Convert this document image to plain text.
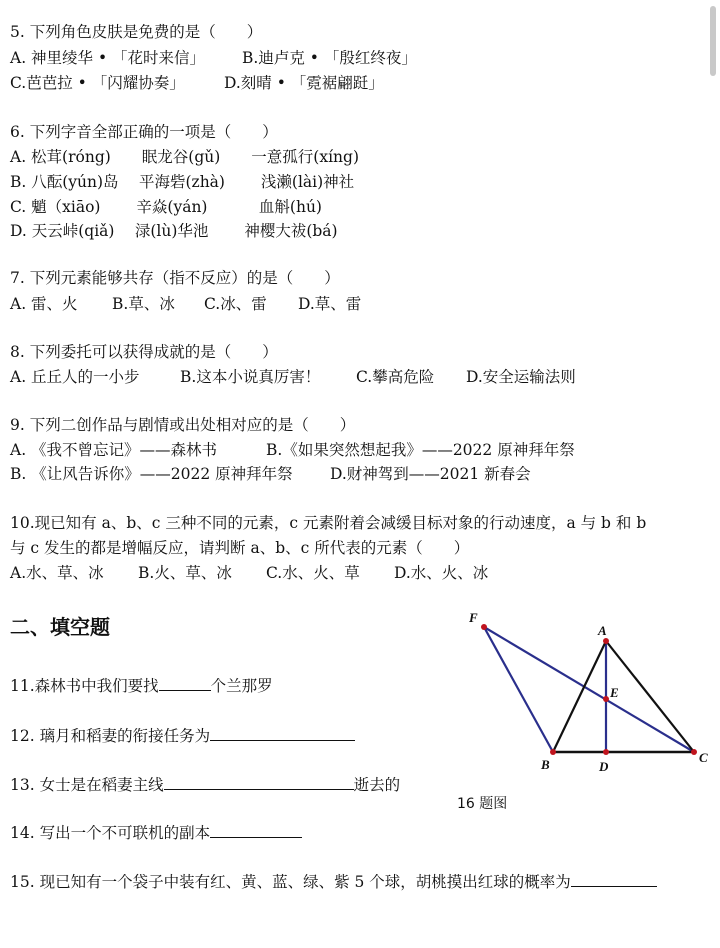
5. 下列角色皮肤是免费的是（　　）
A. 神里绫华 • 「花时来信」 B.迪卢克 • 「殷红终夜」
C.芭芭拉 • 「闪耀协奏」	D.刻晴 • 「霓裾翩跹」
6. 下列字音全部正确的一项是（　　）
A. 松茸(róng)　　眠龙谷(gǔ)　　一意孤行(xíng)
B. 八酝(yún)岛　 平海砦(zhà)　　 浅濑(lài)神社
C. 魈（xiāo)　　 辛焱(yán)　　　 血斛(hú)
D. 天云峠(qiǎ)　 渌(lù)华池　　 神樱大祓(bá)
7. 下列元素能够共存（指不反应）的是（　　）
A. 雷、火 B.草、冰 C.冰、雷 D.草、雷
8. 下列委托可以获得成就的是（　　）
A. 丘丘人的一小步	B.这本小说真厉害！ C.攀高危险 D.安全运输法则
9. 下列二创作品与剧情或出处相对应的是（　　）
A. 《我不曾忘记》——森林书	B.《如果突然想起我》——2022 原神拜年祭
B. 《让风告诉你》——2022 原神拜年祭 D.财神驾到——2021 新春会
10.现已知有 a、b、c 三种不同的元素，c 元素附着会减缓目标对象的行动速度，a 与 b 和 b
与 c 发生的都是增幅反应，请判断 a、b、c 所代表的元素（　　）
A.水、草、冰 B.火、草、冰 C.水、火、草 D.水、火、冰
二、填空题
11.森林书中我们要找	个兰那罗
12. 璃月和稻妻的衔接任务为
13. 女士是在稻妻主线	逝去的
14. 写出一个不可联机的副本
15. 现已知有一个袋子中装有红、黄、蓝、绿、紫 5 个球，胡桃摸出红球的概率为
F
A
E
B	D
C
16 题图
